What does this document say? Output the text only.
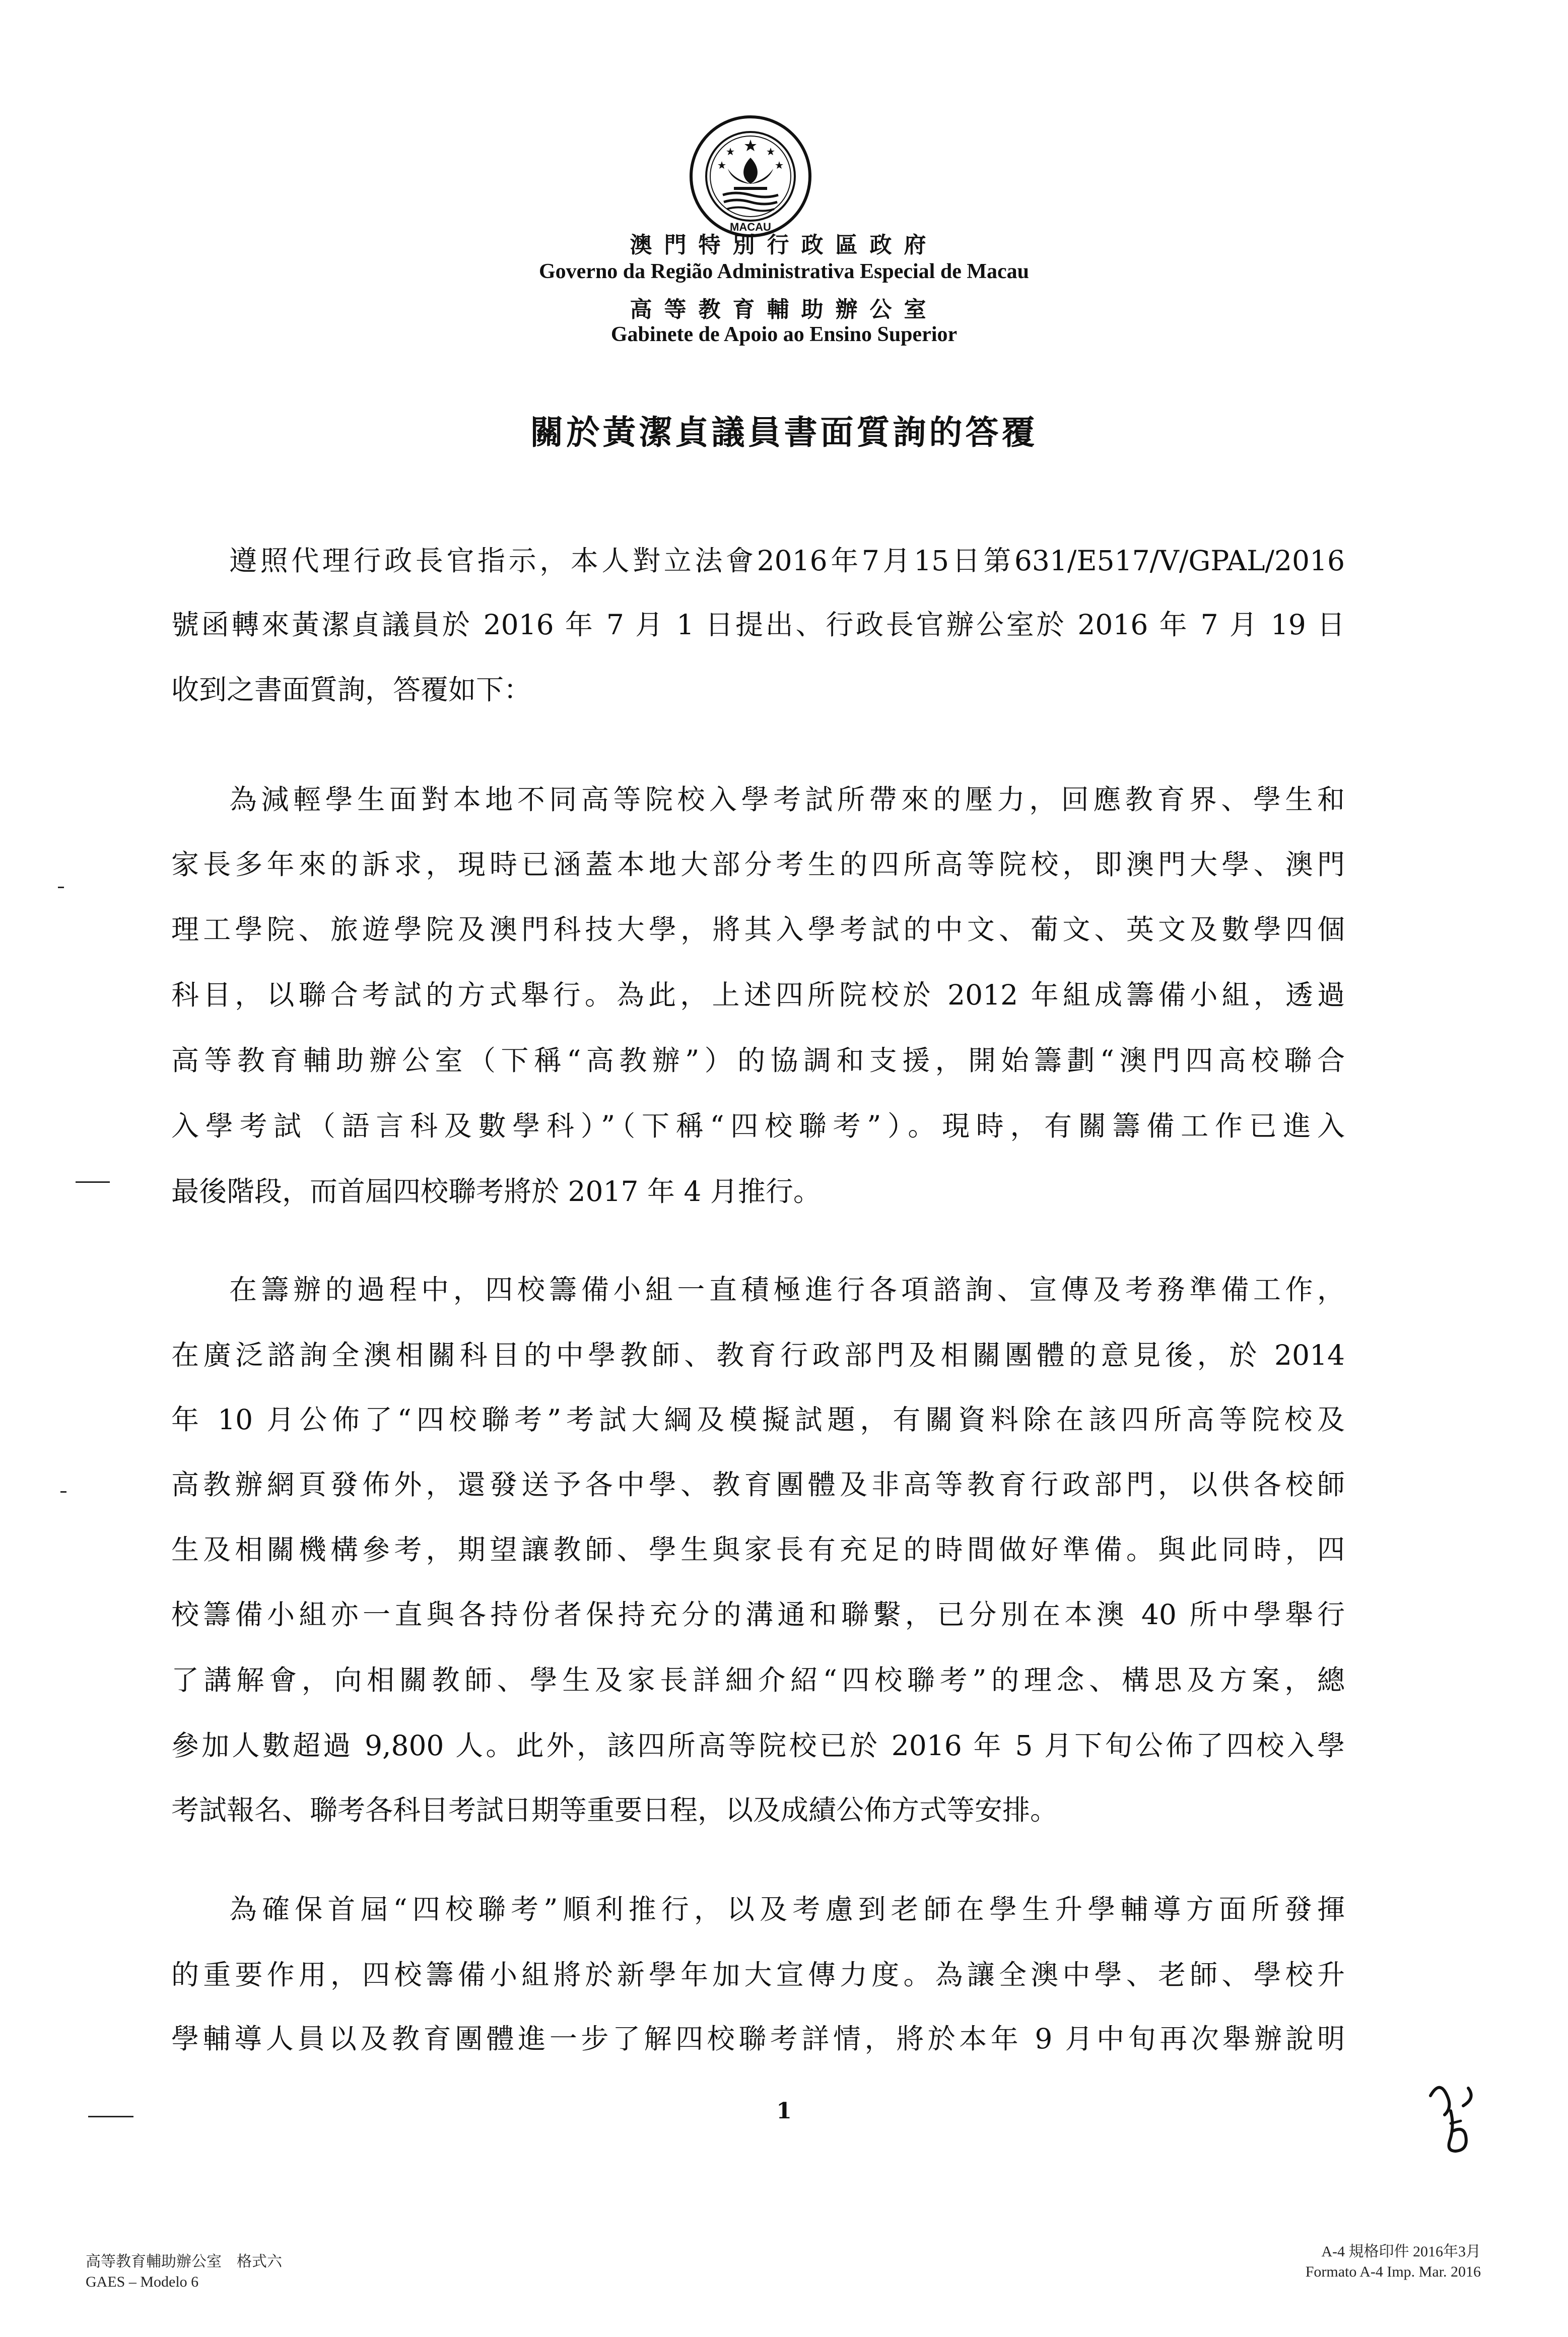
MACAU
澳門特別行政區政府
Governo da Região Administrativa Especial de Macau
高等教育輔助辦公室
Gabinete de Apoio ao Ensino Superior
關於黃潔貞議員書面質詢的答覆
遵照代理行政長官指示，本人對立法會2016年7月15日第631/E517/V/GPAL/2016
號函轉來黃潔貞議員於 2016 年 7 月 1 日提出、行政長官辦公室於 2016 年 7 月 19 日
收到之書面質詢，答覆如下：
為減輕學生面對本地不同高等院校入學考試所帶來的壓力，回應教育界、學生和
家長多年來的訴求，現時已涵蓋本地大部分考生的四所高等院校，即澳門大學、澳門
理工學院、旅遊學院及澳門科技大學，將其入學考試的中文、葡文、英文及數學四個
科目，以聯合考試的方式舉行。為此，上述四所院校於 2012 年組成籌備小組，透過
高等教育輔助辦公室（下稱“高教辦”）的協調和支援，開始籌劃“澳門四高校聯合
入學考試（語言科及數學科）”（下稱“四校聯考”）。現時，有關籌備工作已進入
最後階段，而首屆四校聯考將於 2017 年 4 月推行。
在籌辦的過程中，四校籌備小組一直積極進行各項諮詢、宣傳及考務準備工作，
在廣泛諮詢全澳相關科目的中學教師、教育行政部門及相關團體的意見後，於 2014
年 10 月公佈了“四校聯考”考試大綱及模擬試題，有關資料除在該四所高等院校及
高教辦網頁發佈外，還發送予各中學、教育團體及非高等教育行政部門，以供各校師
生及相關機構參考，期望讓教師、學生與家長有充足的時間做好準備。與此同時，四
校籌備小組亦一直與各持份者保持充分的溝通和聯繫，已分別在本澳 40 所中學舉行
了講解會，向相關教師、學生及家長詳細介紹“四校聯考”的理念、構思及方案，總
參加人數超過 9,800 人。此外，該四所高等院校已於 2016 年 5 月下旬公佈了四校入學
考試報名、聯考各科目考試日期等重要日程，以及成績公佈方式等安排。
為確保首屆“四校聯考”順利推行，以及考慮到老師在學生升學輔導方面所發揮
的重要作用，四校籌備小組將於新學年加大宣傳力度。為讓全澳中學、老師、學校升
學輔導人員以及教育團體進一步了解四校聯考詳情，將於本年 9 月中旬再次舉辦說明
1
高等教育輔助辦公室　格式六
GAES – Modelo 6
A-4 規格印件 2016年3月
Formato A-4 Imp. Mar. 2016
